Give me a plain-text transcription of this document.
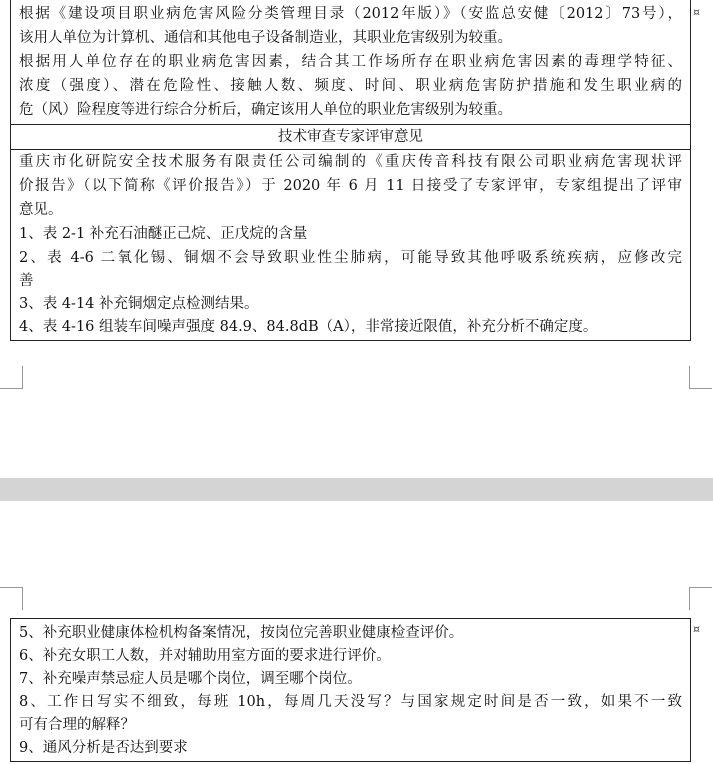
根据《建设项目职业病危害风险分类管理目录（2012年版）》（安监总安健〔2012〕73号），
该用人单位为计算机、通信和其他电子设备制造业，其职业危害级别为较重。
根据用人单位存在的职业病危害因素，结合其工作场所存在职业病危害因素的毒理学特征、
浓度（强度）、潜在危险性、接触人数、频度、时间、职业病危害防护措施和发生职业病的
危（风）险程度等进行综合分析后，确定该用人单位的职业危害级别为较重。
技术审查专家评审意见
重庆市化研院安全技术服务有限责任公司编制的《重庆传音科技有限公司职业病危害现状评
价报告》（以下简称《评价报告》）于 2020 年 6 月 11 日接受了专家评审，专家组提出了评审
意见。
1、表 2-1 补充石油醚正己烷、正戊烷的含量
2、表 4-6 二氧化锡、铜烟不会导致职业性尘肺病，可能导致其他呼吸系统疾病，应修改完
善
3、表 4-14 补充铜烟定点检测结果。
4、表 4-16 组装车间噪声强度 84.9、84.8dB（A），非常接近限值，补充分析不确定度。
¤
5、补充职业健康体检机构备案情况，按岗位完善职业健康检查评价。
6、补充女职工人数，并对辅助用室方面的要求进行评价。
7、补充噪声禁忌症人员是哪个岗位，调至哪个岗位。
8、工作日写实不细致，每班 10h，每周几天没写？与国家规定时间是否一致，如果不一致
可有合理的解释？
9、通风分析是否达到要求
¤
